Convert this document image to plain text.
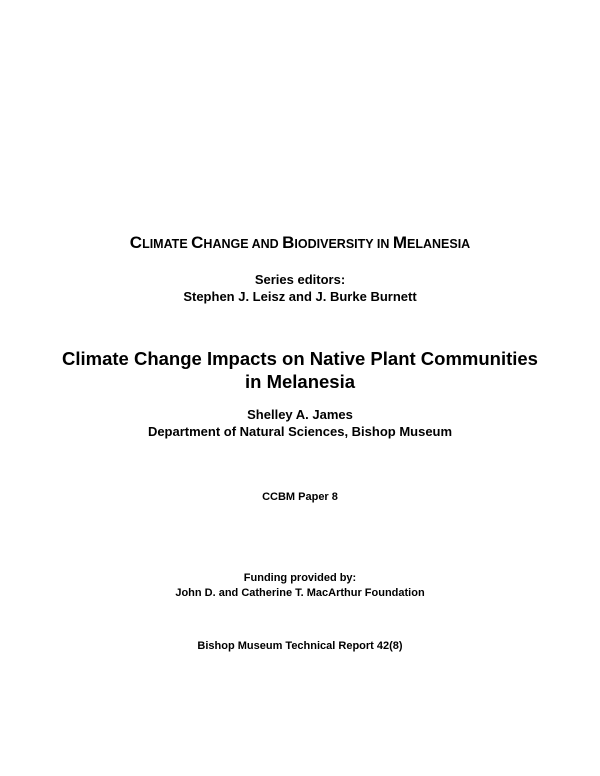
CLIMATE CHANGE AND BIODIVERSITY IN MELANESIA
Series editors:
Stephen J. Leisz and J. Burke Burnett
Climate Change Impacts on Native Plant Communities
in Melanesia
Shelley A. James
Department of Natural Sciences, Bishop Museum
CCBM Paper 8
Funding provided by:
John D. and Catherine T. MacArthur Foundation
Bishop Museum Technical Report 42(8)
